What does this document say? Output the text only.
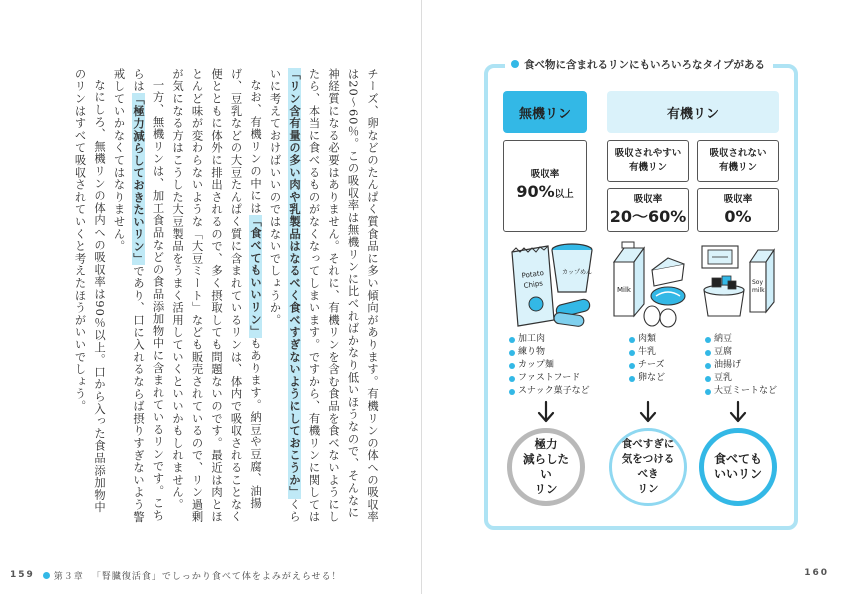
チーズ、卵などのたんぱく質食品に多い傾向があります。有機リンの体への吸収率は20〜60％。この吸収率は無機リンに比べればかなり低いほうなので、そんなに神経質になる必要はありません。それに、有機リンを含む食品を食べないようにしたら、本当に食べるものがなくなってしまいます。ですから、有機リンに関しては「リン含有量の多い肉や乳製品はなるべく食べすぎないようにしておこうか」くらいに考えておけばいいのではないでしょうか。

なお、有機リンの中には「食べてもいいリン」もあります。納豆や豆腐、油揚げ、豆乳などの大豆たんぱく質に含まれているリンは、体内で吸収されることなく便とともに体外に排出されるので、多く摂取しても問題ないのです。最近は肉とほとんど味が変わらないような「大豆ミート」なども販売されているので、リン過剰が気になる方はこうした大豆製品をうまく活用していくといいかもしれません。

一方、無機リンは、加工食品などの食品添加物中に含まれているリンです。こちらは「極力減らしておきたいリン」であり、口に入れるならば摂りすぎないよう警戒していかなくてはなりません。

なにしろ、無機リンの体内への吸収率は90％以上。口から入った食品添加物中のリンはすべて吸収されていくと考えたほうがいいでしょう。

159 第３章 「腎臓復活食」でしっかり食べて体をよみがえらせる！
食べ物に含まれるリンにもいろいろなタイプがある
無機リン	有機リン
吸収率
90%以上
吸収されやすい
有機リン
吸収されない
有機リン
吸収率
20〜60%
吸収率
0%
Potato
Chips
カップめん
Milk
Soy
milk
加工肉
練り物
カップ麺
ファストフード
スナック菓子など
肉類
牛乳
チーズ
卵など
納豆
豆腐
油揚げ
豆乳
大豆ミートなど
極力
減らしたい
リン
食べすぎに
気をつけるべき
リン
食べても
いいリン
160
